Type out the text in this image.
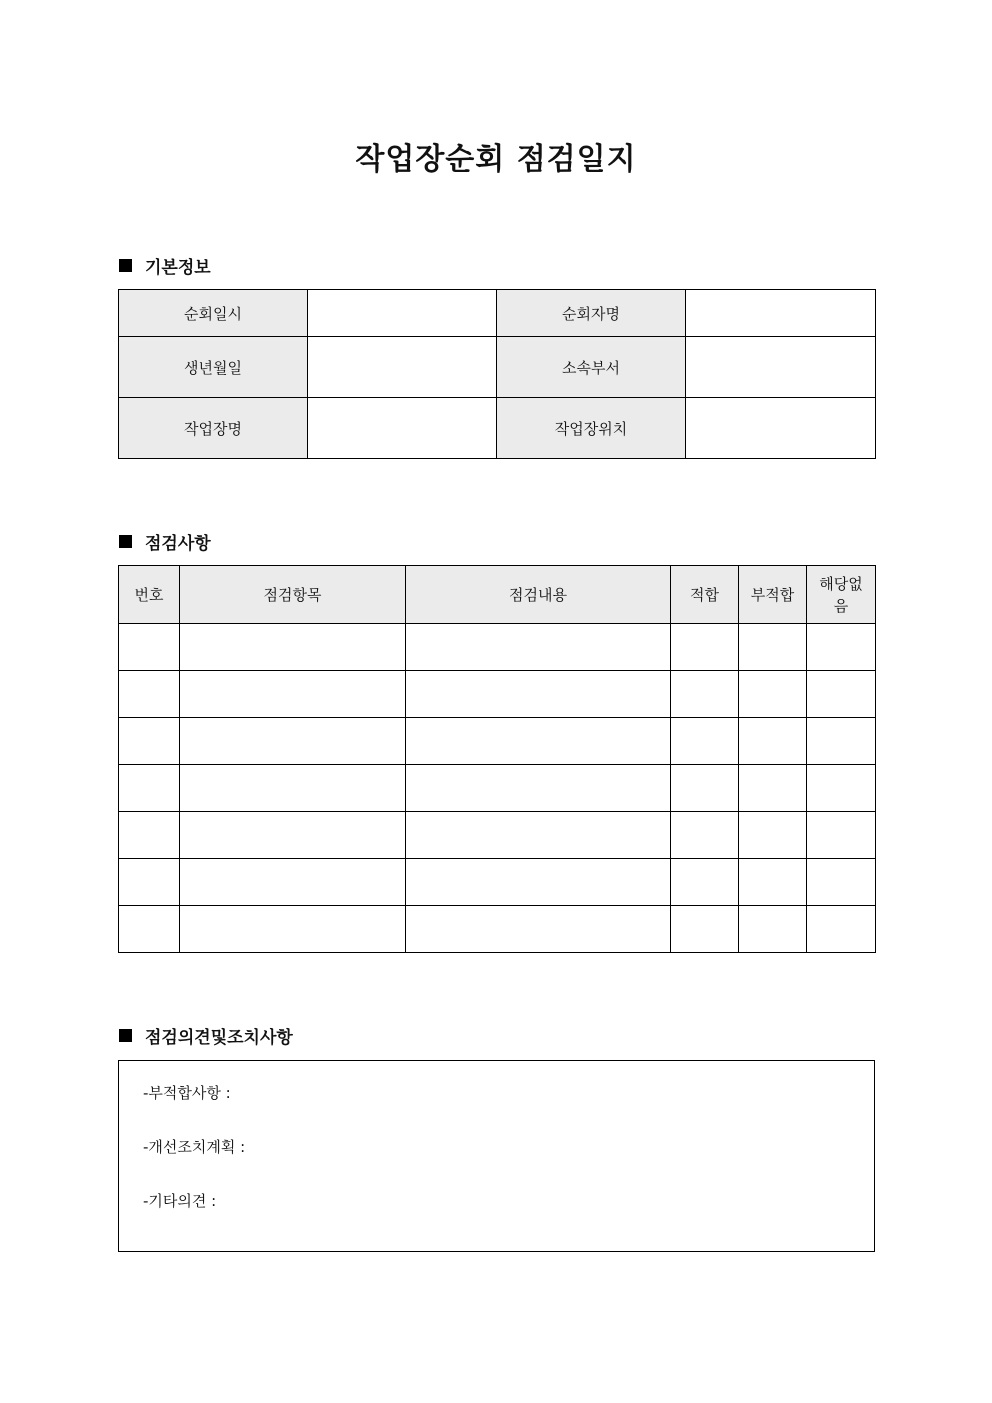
작업장순회 점검일지
기본정보
순회일시		순회자명	
생년월일		소속부서	
작업장명		작업장위치	
점검사항
번호	점검항목	점검내용	적합	부적합	해당없음

점검의견및조치사항
-부적합사항 :
-개선조치계획 :
-기타의견 :
